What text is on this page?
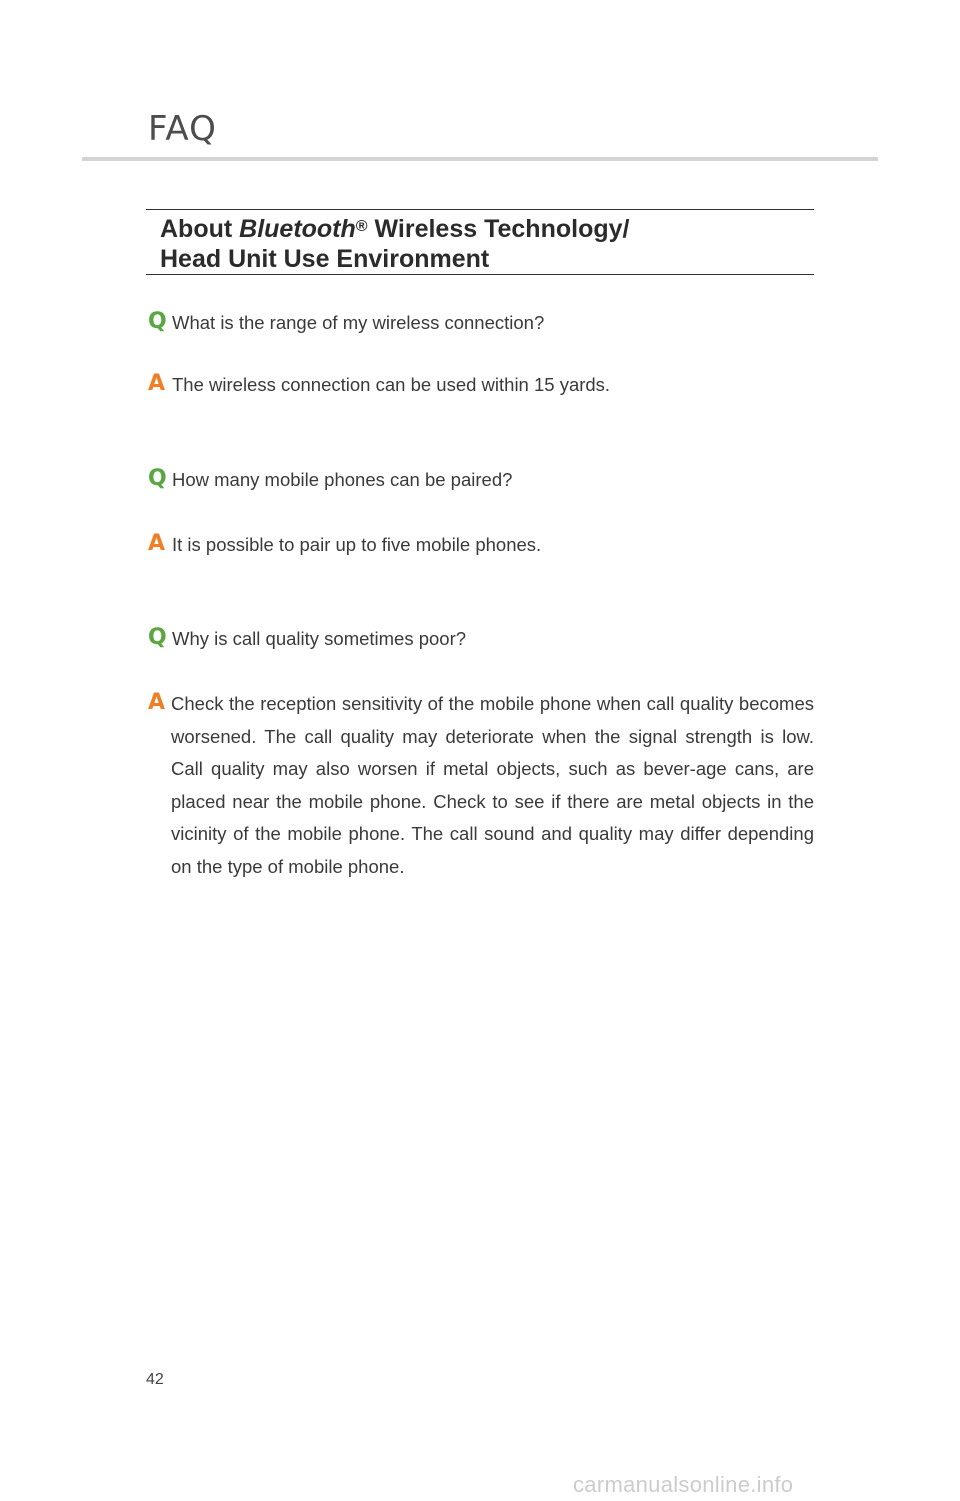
FAQ
About Bluetooth® Wireless Technology/
Head Unit Use Environment
Q What is the range of my wireless connection?
A The wireless connection can be used within 15 yards.
Q How many mobile phones can be paired?
A It is possible to pair up to five mobile phones.
Q Why is call quality sometimes poor?
A Check the reception sensitivity of the mobile phone when call quality becomes worsened. The call quality may deteriorate when the signal strength is low. Call quality may also worsen if metal objects, such as bever-age cans, are placed near the mobile phone. Check to see if there are metal objects in the vicinity of the mobile phone. The call sound and quality may differ depending on the type of mobile phone.
42
carmanualsonline.info
